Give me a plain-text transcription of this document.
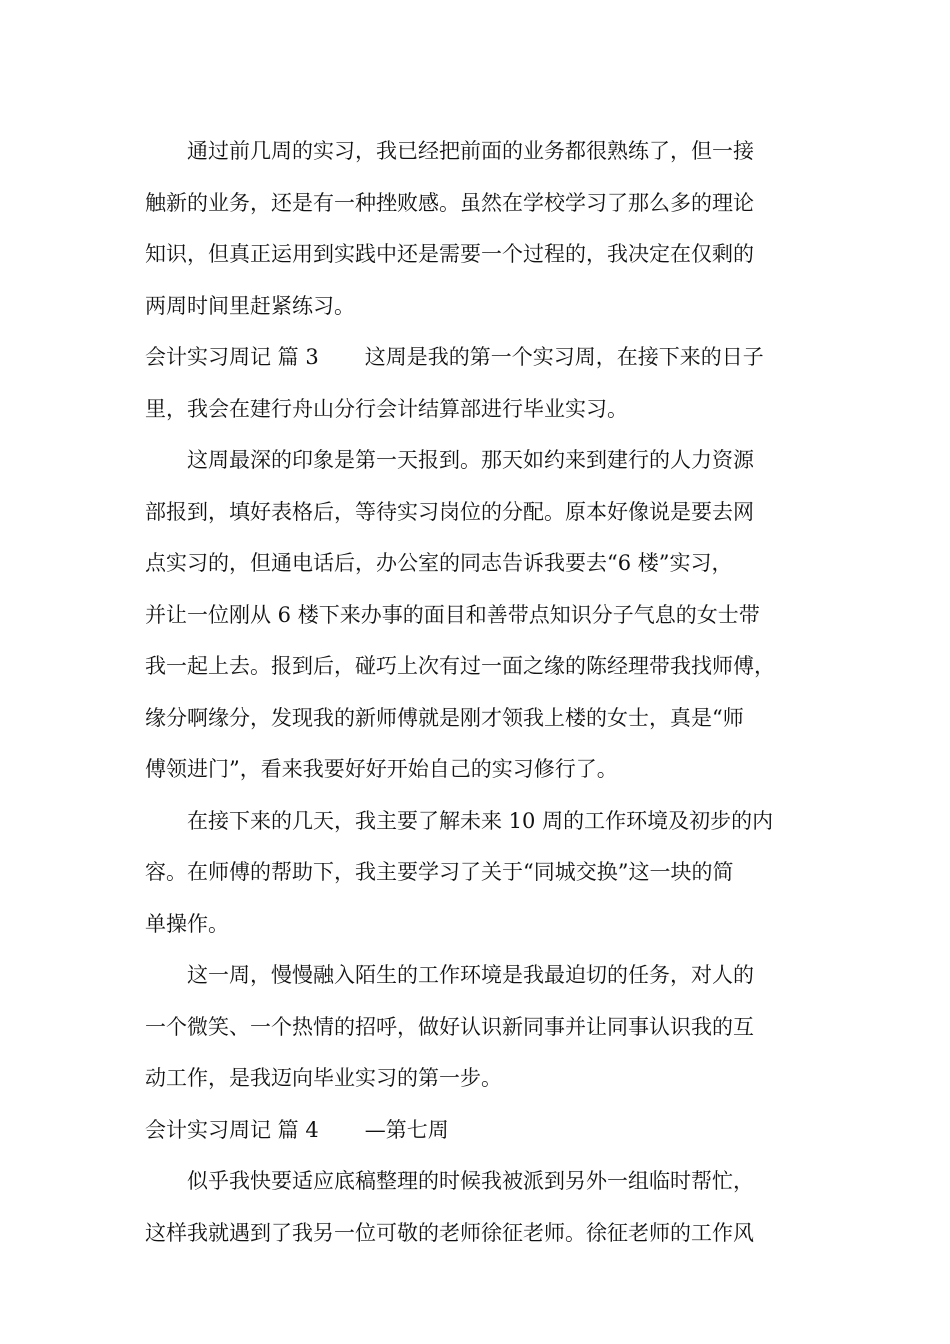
通过前几周的实习，我已经把前面的业务都很熟练了，但一接
触新的业务，还是有一种挫败感。虽然在学校学习了那么多的理论
知识，但真正运用到实践中还是需要一个过程的，我决定在仅剩的
两周时间里赶紧练习。
会计实习周记 篇 3 这周是我的第一个实习周，在接下来的日子
里，我会在建行舟山分行会计结算部进行毕业实习。
这周最深的印象是第一天报到。那天如约来到建行的人力资源
部报到，填好表格后，等待实习岗位的分配。原本好像说是要去网
点实习的，但通电话后，办公室的同志告诉我要去“6 楼”实习，
并让一位刚从 6 楼下来办事的面目和善带点知识分子气息的女士带
我一起上去。报到后，碰巧上次有过一面之缘的陈经理带我找师傅，
缘分啊缘分，发现我的新师傅就是刚才领我上楼的女士，真是“师
傅领进门”，看来我要好好开始自己的实习修行了。
在接下来的几天，我主要了解未来 10 周的工作环境及初步的内
容。在师傅的帮助下，我主要学习了关于“同城交换”这一块的简
单操作。
这一周，慢慢融入陌生的工作环境是我最迫切的任务，对人的
一个微笑、一个热情的招呼，做好认识新同事并让同事认识我的互
动工作，是我迈向毕业实习的第一步。
会计实习周记 篇 4 —第七周
似乎我快要适应底稿整理的时候我被派到另外一组临时帮忙，
这样我就遇到了我另一位可敬的老师徐征老师。徐征老师的工作风
